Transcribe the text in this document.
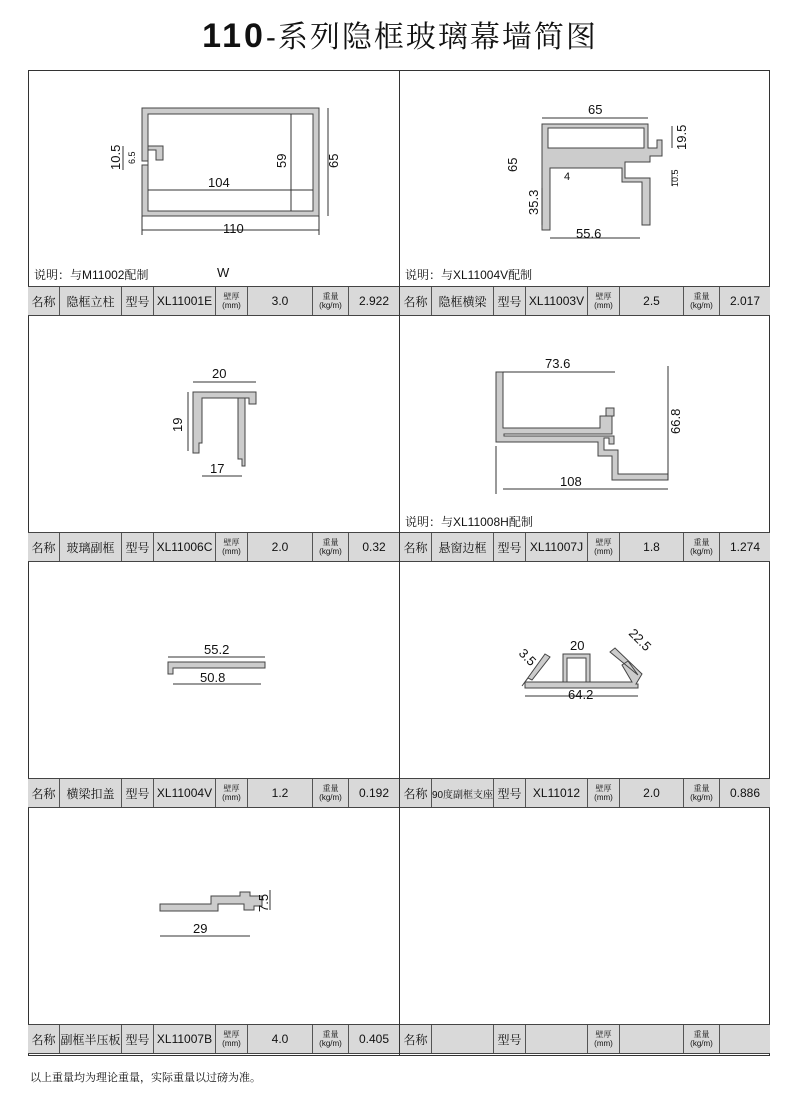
110-系列隐框玻璃幕墙简图
10.5 6.5
104
59	65
110
65
19.5
65
4
35.3
10.5
55.6
说明：与M11002配制	W	说明：与XL11004V配制
名称 隐框立柱 型号 XL11001E	壁厚
(mm)	3.0	重量
(kg/m)	2.922	名称 隐框横梁 型号 XL11003V	壁厚
(mm)	2.5	重量
(kg/m)	2.017
20
19
17
73.6
66.8
108
说明：与XL11008H配制
名称 玻璃副框 型号 XL11006C	壁厚
(mm)	2.0	重量
(kg/m)	0.32	名称 悬窗边框 型号 XL11007J	壁厚
(mm)	1.8	重量
(kg/m)	1.274
55.2
50.8
3.5
20	22.5
64.2
名称 横梁扣盖 型号 XL11004V	壁厚
(mm)	1.2	重量
(kg/m)	0.192	名称 90度副框支座 型号 XL11012	壁厚
(mm)	2.0	重量
(kg/m)	0.886
7.5
29
名称 副框半压板 型号 XL11007B	壁厚
(mm)	4.0	重量
(kg/m)	0.405	名称	型号	壁厚
(mm)
重量
(kg/m)
以上重量均为理论重量，实际重量以过磅为准。
